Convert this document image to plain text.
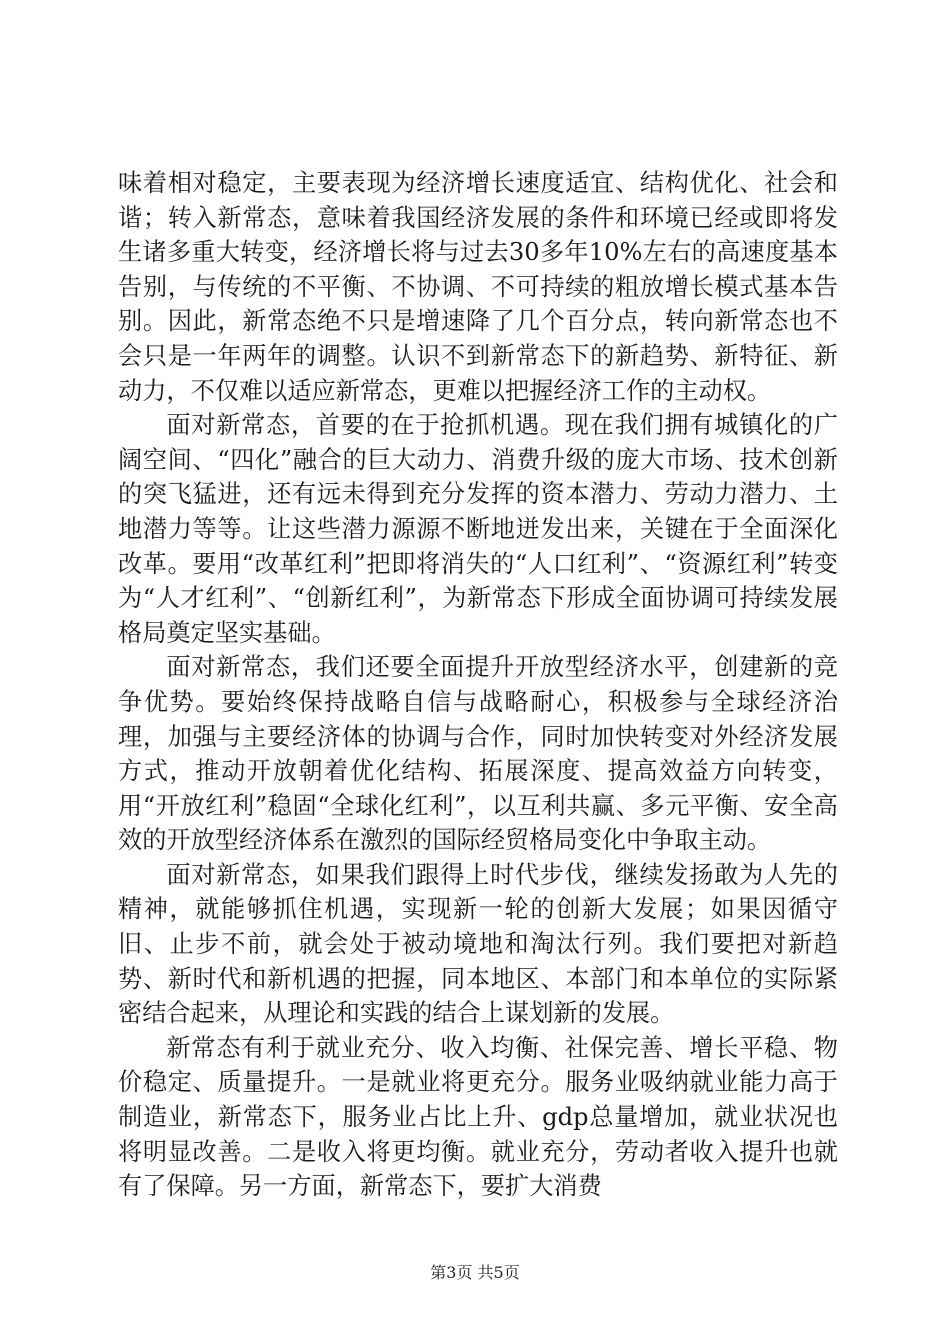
味着相对稳定，主要表现为经济增长速度适宜、结构优化、社会和谐；转入新常态，意味着我国经济发展的条件和环境已经或即将发生诸多重大转变，经济增长将与过去30多年10%左右的高速度基本告别，与传统的不平衡、不协调、不可持续的粗放增长模式基本告别。因此，新常态绝不只是增速降了几个百分点，转向新常态也不会只是一年两年的调整。认识不到新常态下的新趋势、新特征、新动力，不仅难以适应新常态，更难以把握经济工作的主动权。

面对新常态，首要的在于抢抓机遇。现在我们拥有城镇化的广阔空间、“四化”融合的巨大动力、消费升级的庞大市场、技术创新的突飞猛进，还有远未得到充分发挥的资本潜力、劳动力潜力、土地潜力等等。让这些潜力源源不断地迸发出来，关键在于全面深化改革。要用“改革红利”把即将消失的“人口红利”、“资源红利”转变为“人才红利”、“创新红利”，为新常态下形成全面协调可持续发展格局奠定坚实基础。

面对新常态，我们还要全面提升开放型经济水平，创建新的竞争优势。要始终保持战略自信与战略耐心，积极参与全球经济治理，加强与主要经济体的协调与合作，同时加快转变对外经济发展方式，推动开放朝着优化结构、拓展深度、提高效益方向转变，用“开放红利”稳固“全球化红利”，以互利共赢、多元平衡、安全高效的开放型经济体系在激烈的国际经贸格局变化中争取主动。

面对新常态，如果我们跟得上时代步伐，继续发扬敢为人先的精神，就能够抓住机遇，实现新一轮的创新大发展；如果因循守旧、止步不前，就会处于被动境地和淘汰行列。我们要把对新趋势、新时代和新机遇的把握，同本地区、本部门和本单位的实际紧密结合起来，从理论和实践的结合上谋划新的发展。

新常态有利于就业充分、收入均衡、社保完善、增长平稳、物价稳定、质量提升。一是就业将更充分。服务业吸纳就业能力高于制造业，新常态下，服务业占比上升、gdp总量增加，就业状况也将明显改善。二是收入将更均衡。就业充分，劳动者收入提升也就有了保障。另一方面，新常态下，要扩大消费

第3页 共5页
